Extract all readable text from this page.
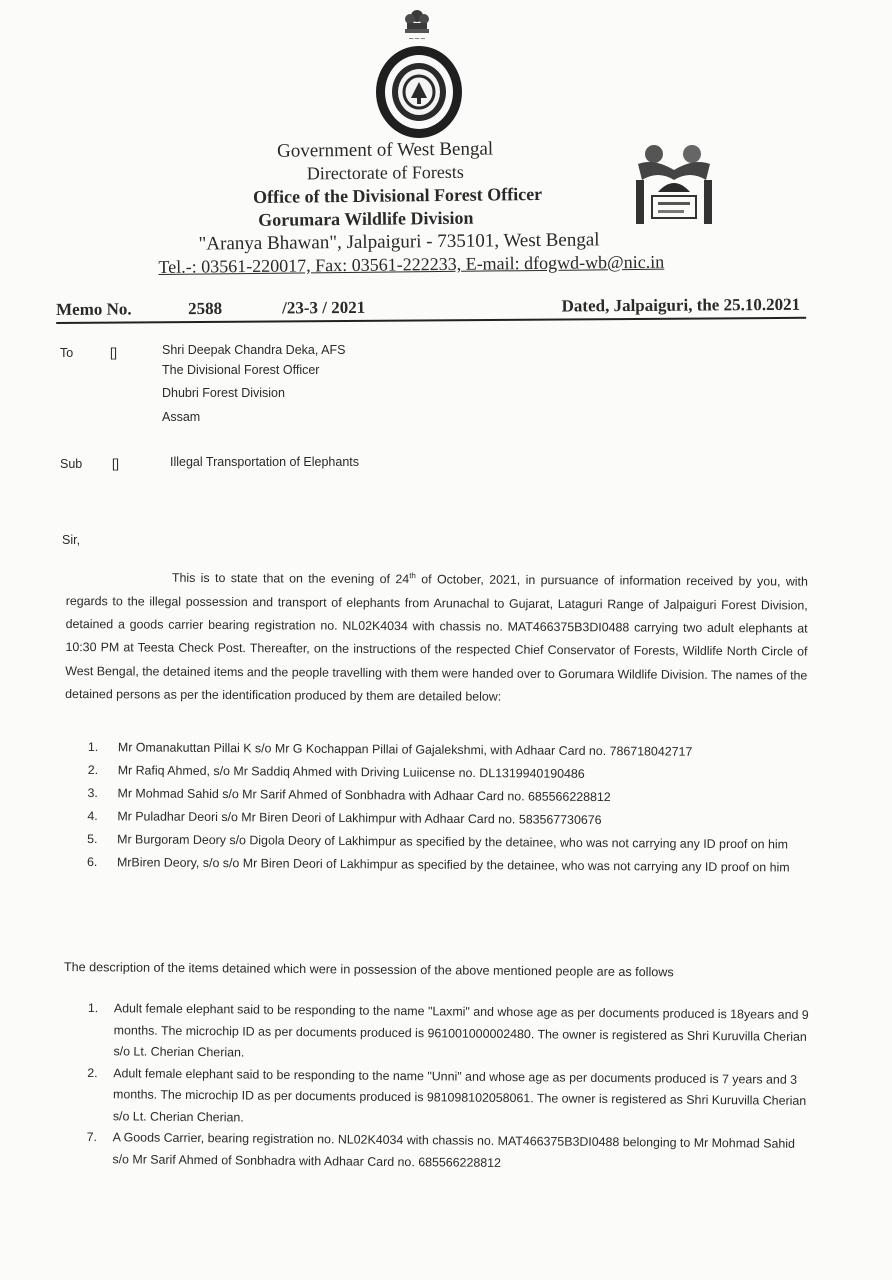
~~~
Government of West Bengal
Directorate of Forests
Office of the Divisional Forest Officer
Gorumara Wildlife Division
"Aranya Bhawan", Jalpaiguri - 735101, West Bengal
Tel.-: 03561-220017, Fax: 03561-222233, E-mail: dfogwd-wb@nic.in
Memo No.	2588	/23-3 / 2021	Dated, Jalpaiguri, the 25.10.2021
To	[]	Shri Deepak Chandra Deka, AFS
The Divisional Forest Officer
Dhubri Forest Division
Assam
Sub []	Illegal Transportation of Elephants
Sir,

This is to state that on the evening of 24th of October, 2021, in pursuance of information received by you, with regards to the illegal possession and transport of elephants from Arunachal to Gujarat, Lataguri Range of Jalpaiguri Forest Division, detained a goods carrier bearing registration no. NL02K4034 with chassis no. MAT466375B3DI0488 carrying two adult elephants at 10:30 PM at Teesta Check Post. Thereafter, on the instructions of the respected Chief Conservator of Forests, Wildlife North Circle of West Bengal, the detained items and the people travelling with them were handed over to Gorumara Wildlife Division. The names of the detained persons as per the identification produced by them are detailed below:

1. Mr Omanakuttan Pillai K s/o Mr G Kochappan Pillai of Gajalekshmi, with Adhaar Card no. 786718042717
2. Mr Rafiq Ahmed, s/o Mr Saddiq Ahmed with Driving Luiicense no. DL1319940190486
3. Mr Mohmad Sahid s/o Mr Sarif Ahmed of Sonbhadra with Adhaar Card no. 685566228812
4. Mr Puladhar Deori s/o Mr Biren Deori of Lakhimpur with Adhaar Card no. 583567730676
5. Mr Burgoram Deory s/o Digola Deory of Lakhimpur as specified by the detainee, who was not carrying any ID proof on him
6. MrBiren Deory, s/o s/o Mr Biren Deori of Lakhimpur as specified by the detainee, who was not carrying any ID proof on him
The description of the items detained which were in possession of the above mentioned people are as follows
1. Adult female elephant said to be responding to the name "Laxmi" and whose age as per documents produced is 18years and 9 months. The microchip ID as per documents produced is 961001000002480. The owner is registered as Shri Kuruvilla Cherian s/o Lt. Cherian Cherian.
2. Adult female elephant said to be responding to the name "Unni" and whose age as per documents produced is 7 years and 3 months. The microchip ID as per documents produced is 981098102058061. The owner is registered as Shri Kuruvilla Cherian s/o Lt. Cherian Cherian.
7. A Goods Carrier, bearing registration no. NL02K4034 with chassis no. MAT466375B3DI0488 belonging to Mr Mohmad Sahid s/o Mr Sarif Ahmed of Sonbhadra with Adhaar Card no. 685566228812
